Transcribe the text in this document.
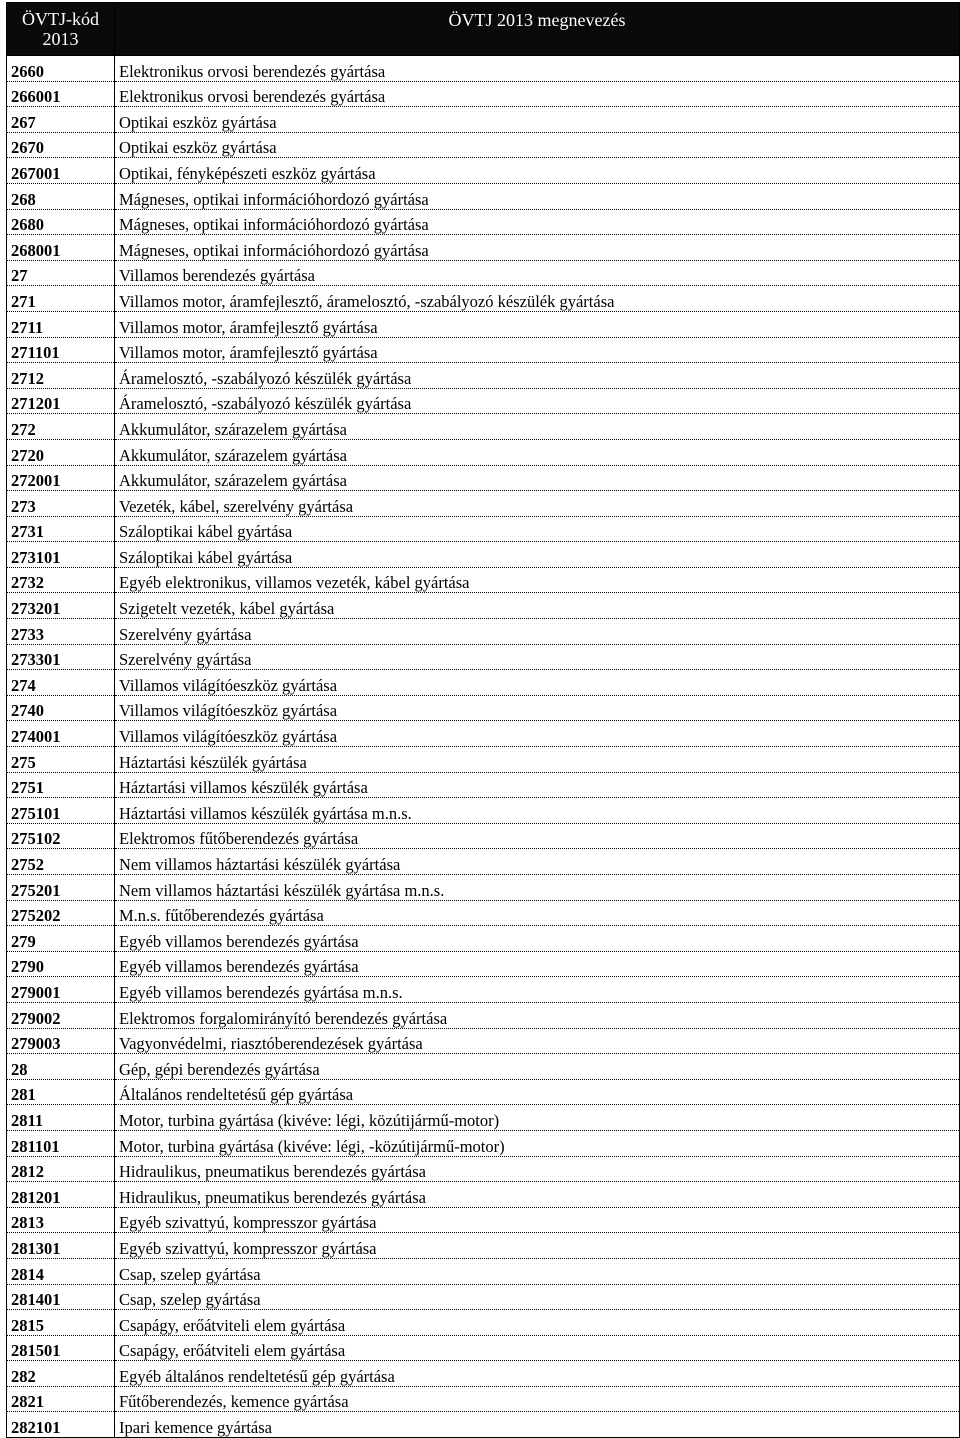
ÖVTJ-kód
2013	ÖVTJ 2013 megnevezés
2660	Elektronikus orvosi berendezés gyártása
266001	Elektronikus orvosi berendezés gyártása
267	Optikai eszköz gyártása
2670	Optikai eszköz gyártása
267001	Optikai, fényképészeti eszköz gyártása
268	Mágneses, optikai információhordozó gyártása
2680	Mágneses, optikai információhordozó gyártása
268001	Mágneses, optikai információhordozó gyártása
27	Villamos berendezés gyártása
271	Villamos motor, áramfejlesztő, áramelosztó, -szabályozó készülék gyártása
2711	Villamos motor, áramfejlesztő gyártása
271101	Villamos motor, áramfejlesztő gyártása
2712	Áramelosztó, -szabályozó készülék gyártása
271201	Áramelosztó, -szabályozó készülék gyártása
272	Akkumulátor, szárazelem gyártása
2720	Akkumulátor, szárazelem gyártása
272001	Akkumulátor, szárazelem gyártása
273	Vezeték, kábel, szerelvény gyártása
2731	Száloptikai kábel gyártása
273101	Száloptikai kábel gyártása
2732	Egyéb elektronikus, villamos vezeték, kábel gyártása
273201	Szigetelt vezeték, kábel gyártása
2733	Szerelvény gyártása
273301	Szerelvény gyártása
274	Villamos világítóeszköz gyártása
2740	Villamos világítóeszköz gyártása
274001	Villamos világítóeszköz gyártása
275	Háztartási készülék gyártása
2751	Háztartási villamos készülék gyártása
275101	Háztartási villamos készülék gyártása m.n.s.
275102	Elektromos fűtőberendezés gyártása
2752	Nem villamos háztartási készülék gyártása
275201	Nem villamos háztartási készülék gyártása m.n.s.
275202	M.n.s. fűtőberendezés gyártása
279	Egyéb villamos berendezés gyártása
2790	Egyéb villamos berendezés gyártása
279001	Egyéb villamos berendezés gyártása m.n.s.
279002	Elektromos forgalomirányító berendezés gyártása
279003	Vagyonvédelmi, riasztóberendezések gyártása
28	Gép, gépi berendezés gyártása
281	Általános rendeltetésű gép gyártása
2811	Motor, turbina gyártása (kivéve: légi, közútijármű-motor)
281101	Motor, turbina gyártása (kivéve: légi, -közútijármű-motor)
2812	Hidraulikus, pneumatikus berendezés gyártása
281201	Hidraulikus, pneumatikus berendezés gyártása
2813	Egyéb szivattyú, kompresszor gyártása
281301	Egyéb szivattyú, kompresszor gyártása
2814	Csap, szelep gyártása
281401	Csap, szelep gyártása
2815	Csapágy, erőátviteli elem gyártása
281501	Csapágy, erőátviteli elem gyártása
282	Egyéb általános rendeltetésű gép gyártása
2821	Fűtőberendezés, kemence gyártása
282101	Ipari kemence gyártása
